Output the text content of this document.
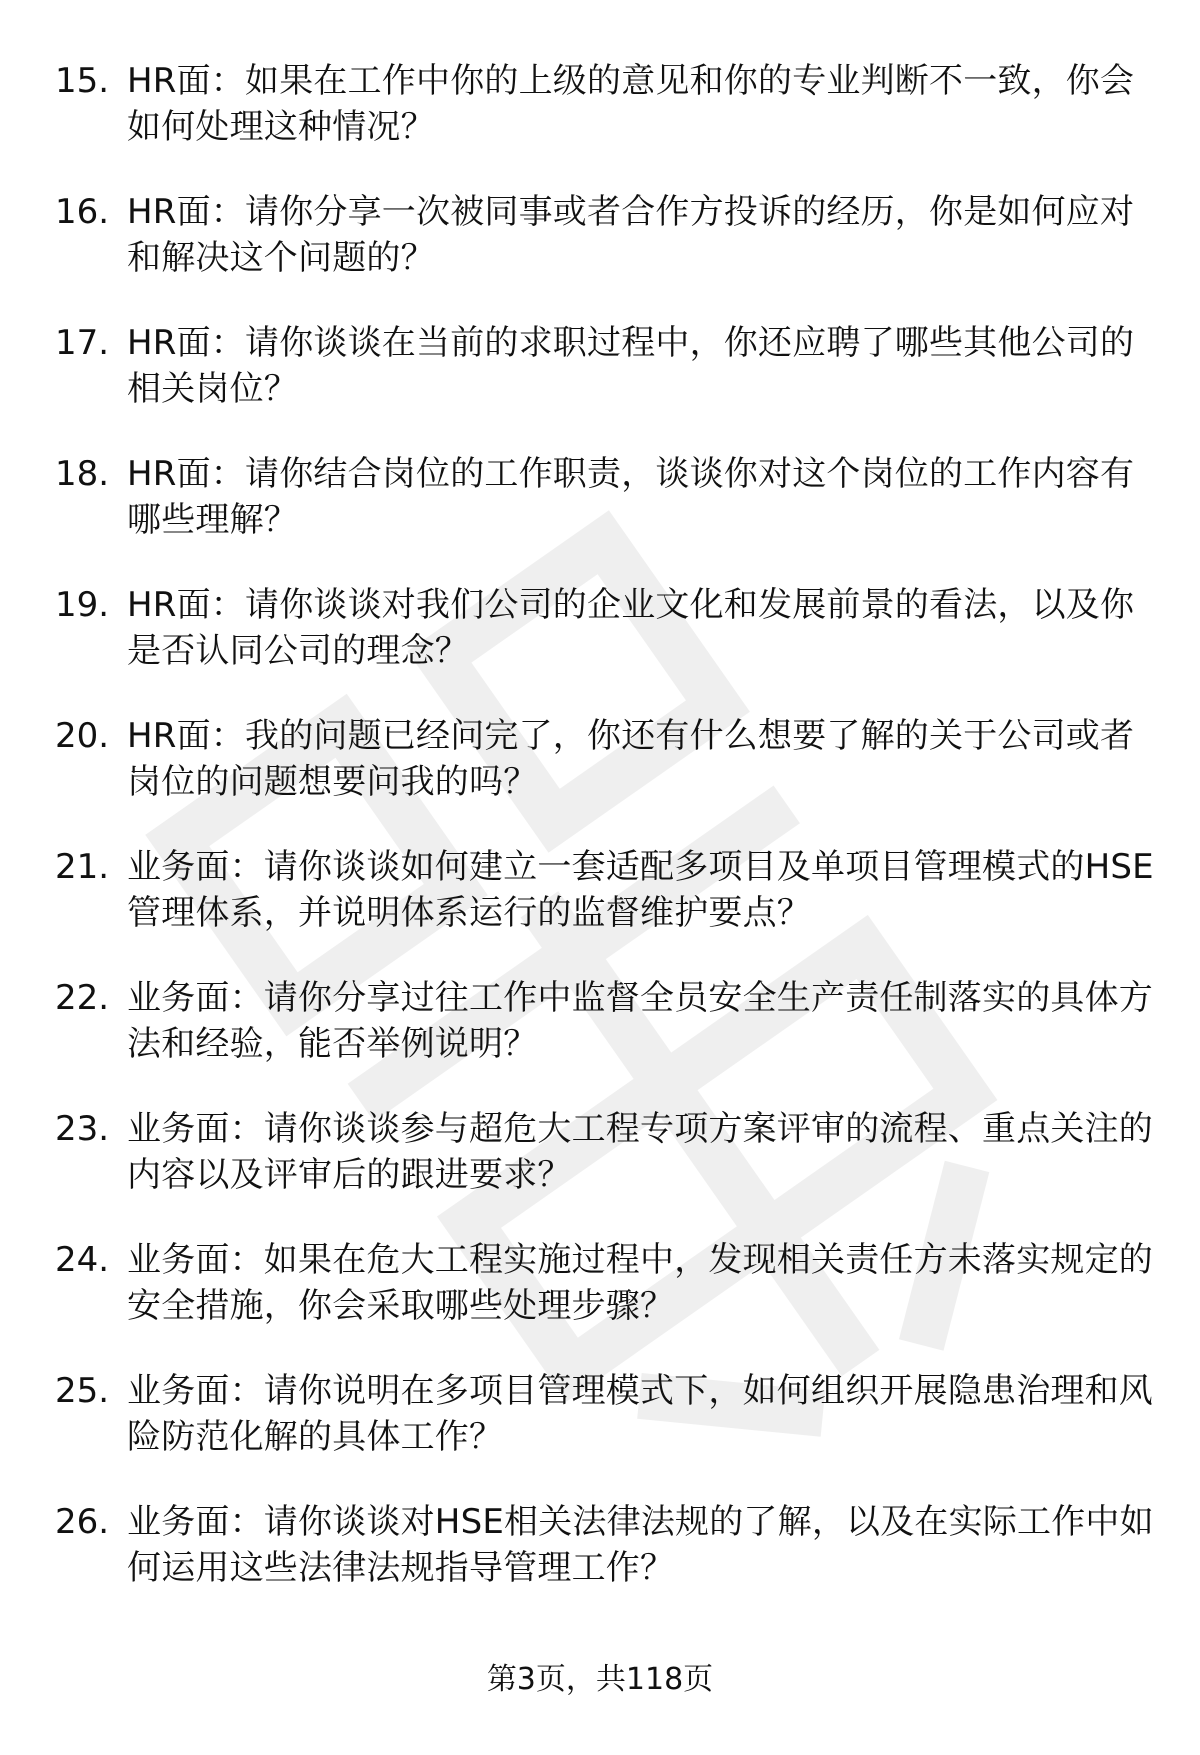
15. HR面：如果在工作中你的上级的意见和你的专业判断不一致，你会如何处理这种情况？
16. HR面：请你分享一次被同事或者合作方投诉的经历，你是如何应对和解决这个问题的？
17. HR面：请你谈谈在当前的求职过程中，你还应聘了哪些其他公司的相关岗位？
18. HR面：请你结合岗位的工作职责，谈谈你对这个岗位的工作内容有哪些理解？
19. HR面：请你谈谈对我们公司的企业文化和发展前景的看法，以及你是否认同公司的理念？
20. HR面：我的问题已经问完了，你还有什么想要了解的关于公司或者岗位的问题想要问我的吗？
21. 业务面：请你谈谈如何建立一套适配多项目及单项目管理模式的HSE管理体系，并说明体系运行的监督维护要点？
22. 业务面：请你分享过往工作中监督全员安全生产责任制落实的具体方法和经验，能否举例说明？
23. 业务面：请你谈谈参与超危大工程专项方案评审的流程、重点关注的内容以及评审后的跟进要求？
24. 业务面：如果在危大工程实施过程中，发现相关责任方未落实规定的安全措施，你会采取哪些处理步骤？
25. 业务面：请你说明在多项目管理模式下，如何组织开展隐患治理和风险防范化解的具体工作？
26. 业务面：请你谈谈对HSE相关法律法规的了解，以及在实际工作中如何运用这些法律法规指导管理工作？
第3页，共118页
